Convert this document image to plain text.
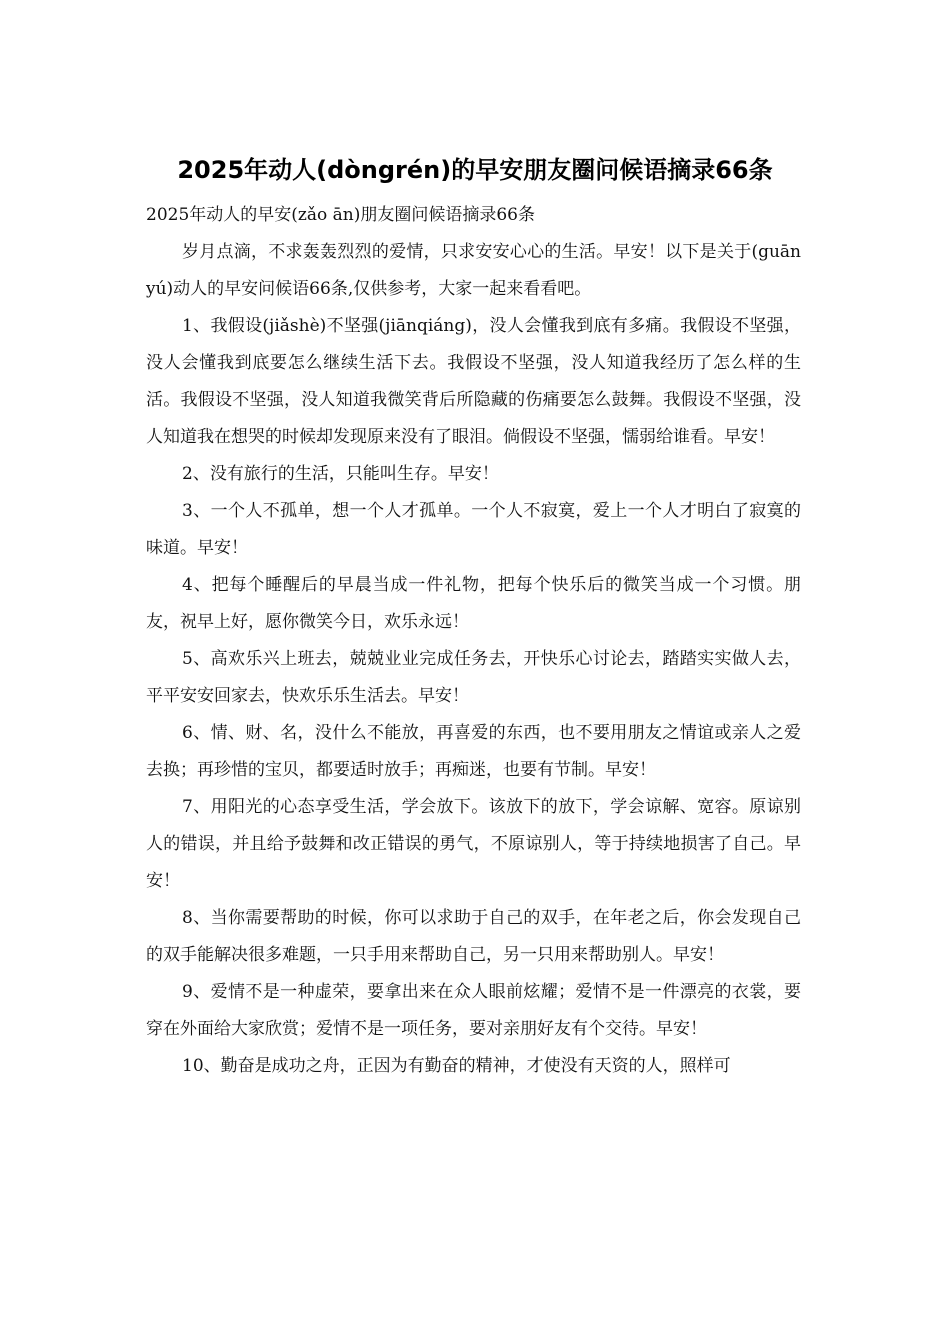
2025年动人(dòngrén)的早安朋友圈问候语摘录66条

2025年动人的早安(zǎo ān)朋友圈问候语摘录66条

岁月点滴，不求轰轰烈烈的爱情，只求安安心心的生活。早安！以下是关于(guānyú)动人的早安问候语66条,仅供参考，大家一起来看看吧。

1、我假设(jiǎshè)不坚强(jiānqiáng)，没人会懂我到底有多痛。我假设不坚强，没人会懂我到底要怎么继续生活下去。我假设不坚强，没人知道我经历了怎么样的生活。我假设不坚强，没人知道我微笑背后所隐藏的伤痛要怎么鼓舞。我假设不坚强，没人知道我在想哭的时候却发现原来没有了眼泪。倘假设不坚强，懦弱给谁看。早安！

2、没有旅行的生活，只能叫生存。早安！

3、一个人不孤单，想一个人才孤单。一个人不寂寞，爱上一个人才明白了寂寞的味道。早安！

4、把每个睡醒后的早晨当成一件礼物，把每个快乐后的微笑当成一个习惯。朋友，祝早上好，愿你微笑今日，欢乐永远！

5、高欢乐兴上班去，兢兢业业完成任务去，开快乐心讨论去，踏踏实实做人去，平平安安回家去，快欢乐乐生活去。早安！

6、情、财、名，没什么不能放，再喜爱的东西，也不要用朋友之情谊或亲人之爱去换；再珍惜的宝贝，都要适时放手；再痴迷，也要有节制。早安！

7、用阳光的心态享受生活，学会放下。该放下的放下，学会谅解、宽容。原谅别人的错误，并且给予鼓舞和改正错误的勇气，不原谅别人，等于持续地损害了自己。早安！

8、当你需要帮助的时候，你可以求助于自己的双手，在年老之后，你会发现自己的双手能解决很多难题，一只手用来帮助自己，另一只用来帮助别人。早安！

9、爱情不是一种虚荣，要拿出来在众人眼前炫耀；爱情不是一件漂亮的衣裳，要穿在外面给大家欣赏；爱情不是一项任务，要对亲朋好友有个交待。早安！

10、勤奋是成功之舟，正因为有勤奋的精神，才使没有天资的人，照样可
